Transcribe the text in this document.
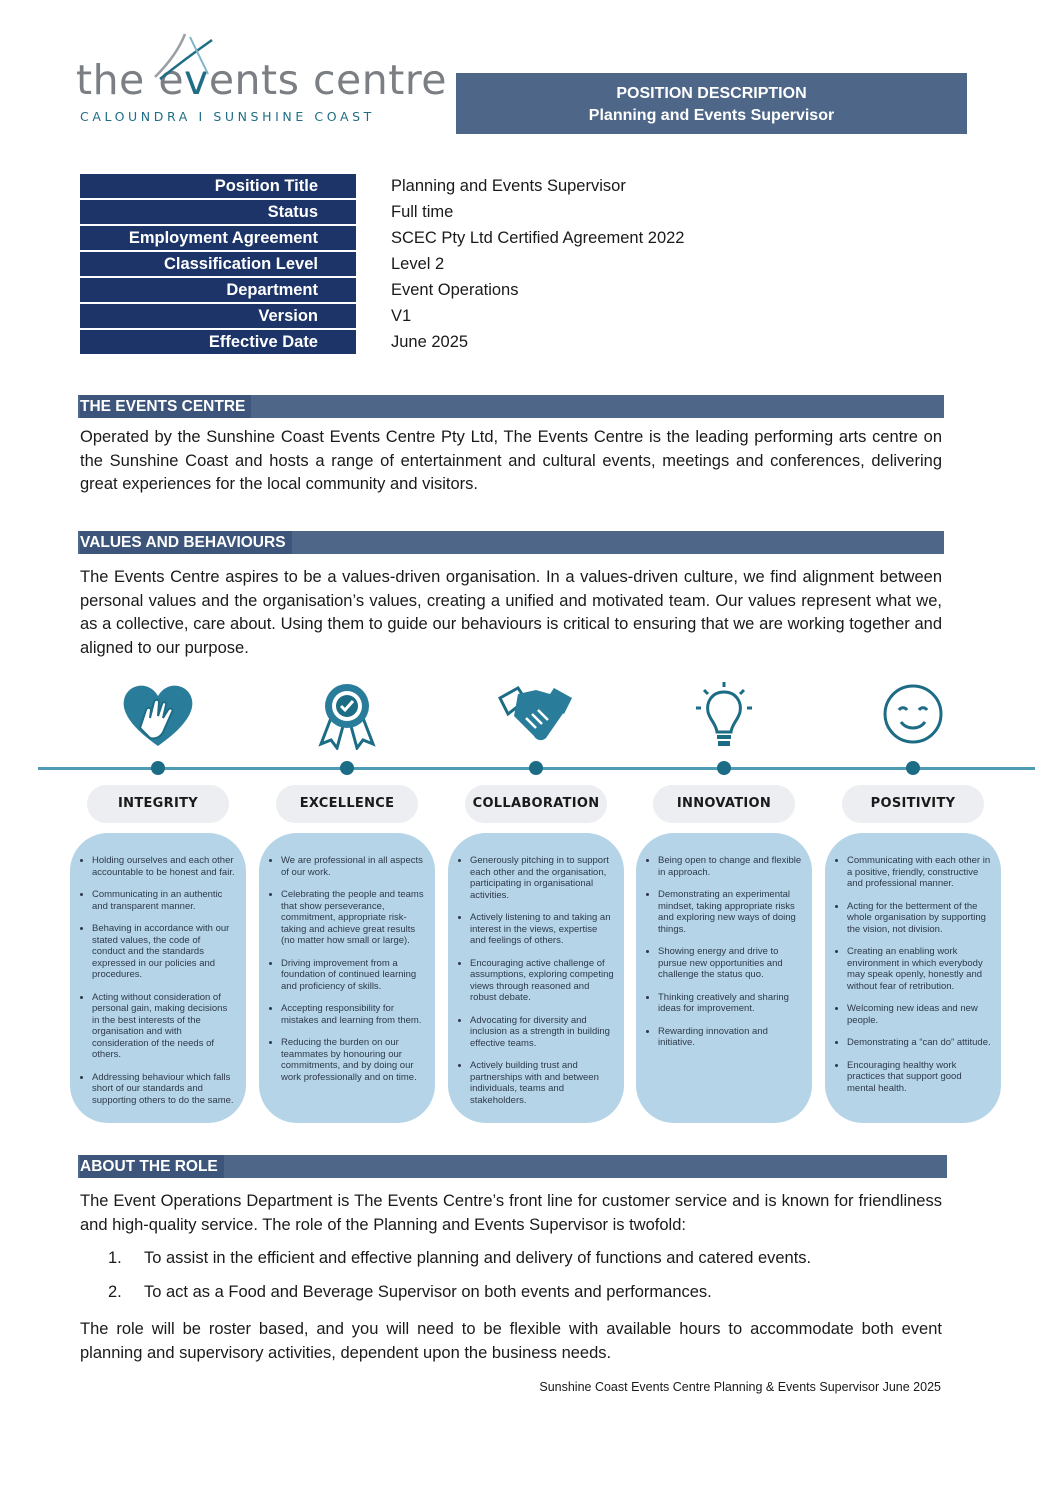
the events centre
CALOUNDRA I SUNSHINE COAST
POSITION DESCRIPTION
Planning and Events Supervisor
Position Title	Planning and Events Supervisor
Status	Full time
Employment Agreement	SCEC Pty Ltd Certified Agreement 2022
Classification Level	Level 2
Department	Event Operations
Version	V1
Effective Date	June 2025
THE EVENTS CENTRE
Operated by the Sunshine Coast Events Centre Pty Ltd, The Events Centre is the leading performing arts centre on the Sunshine Coast and hosts a range of entertainment and cultural events, meetings and conferences, delivering great experiences for the local community and visitors.
VALUES AND BEHAVIOURS
The Events Centre aspires to be a values-driven organisation. In a values-driven culture, we find alignment between personal values and the organisation’s values, creating a unified and motivated team. Our values represent what we, as a collective, care about. Using them to guide our behaviours is critical to ensuring that we are working together and aligned to our purpose.
INTEGRITY	EXCELLENCE	COLLABORATION	INNOVATION	POSITIVITY
• Holding ourselves and each other accountable to be honest and fair.
• Communicating in an authentic and transparent manner.
• Behaving in accordance with our stated values, the code of conduct and the standards expressed in our policies and procedures.
• Acting without consideration of personal gain, making decisions in the best interests of the organisation and with consideration of the needs of others.
• Addressing behaviour which falls short of our standards and supporting others to do the same.
• We are professional in all aspects of our work.
• Celebrating the people and teams that show perseverance, commitment, appropriate risk-taking and achieve great results (no matter how small or large).
• Driving improvement from a foundation of continued learning and proficiency of skills.
• Accepting responsibility for mistakes and learning from them.
• Reducing the burden on our teammates by honouring our commitments, and by doing our work professionally and on time.
• Generously pitching in to support each other and the organisation, participating in organisational activities.
• Actively listening to and taking an interest in the views, expertise and feelings of others.
• Encouraging active challenge of assumptions, exploring competing views through reasoned and robust debate.
• Advocating for diversity and inclusion as a strength in building effective teams.
• Actively building trust and partnerships with and between individuals, teams and stakeholders.
• Being open to change and flexible in approach.
• Demonstrating an experimental mindset, taking appropriate risks and exploring new ways of doing things.
• Showing energy and drive to pursue new opportunities and challenge the status quo.
• Thinking creatively and sharing ideas for improvement.
• Rewarding innovation and initiative.
• Communicating with each other in a positive, friendly, constructive and professional manner.
• Acting for the betterment of the whole organisation by supporting the vision, not division.
• Creating an enabling work environment in which everybody may speak openly, honestly and without fear of retribution.
• Welcoming new ideas and new people.
• Demonstrating a “can do” attitude.
• Encouraging healthy work practices that support good mental health.
ABOUT THE ROLE
The Event Operations Department is The Events Centre’s front line for customer service and is known for friendliness and high-quality service. The role of the Planning and Events Supervisor is twofold:
1. To assist in the efficient and effective planning and delivery of functions and catered events.
2. To act as a Food and Beverage Supervisor on both events and performances.
The role will be roster based, and you will need to be flexible with available hours to accommodate both event planning and supervisory activities, dependent upon the business needs.
Sunshine Coast Events Centre Planning & Events Supervisor June 2025
